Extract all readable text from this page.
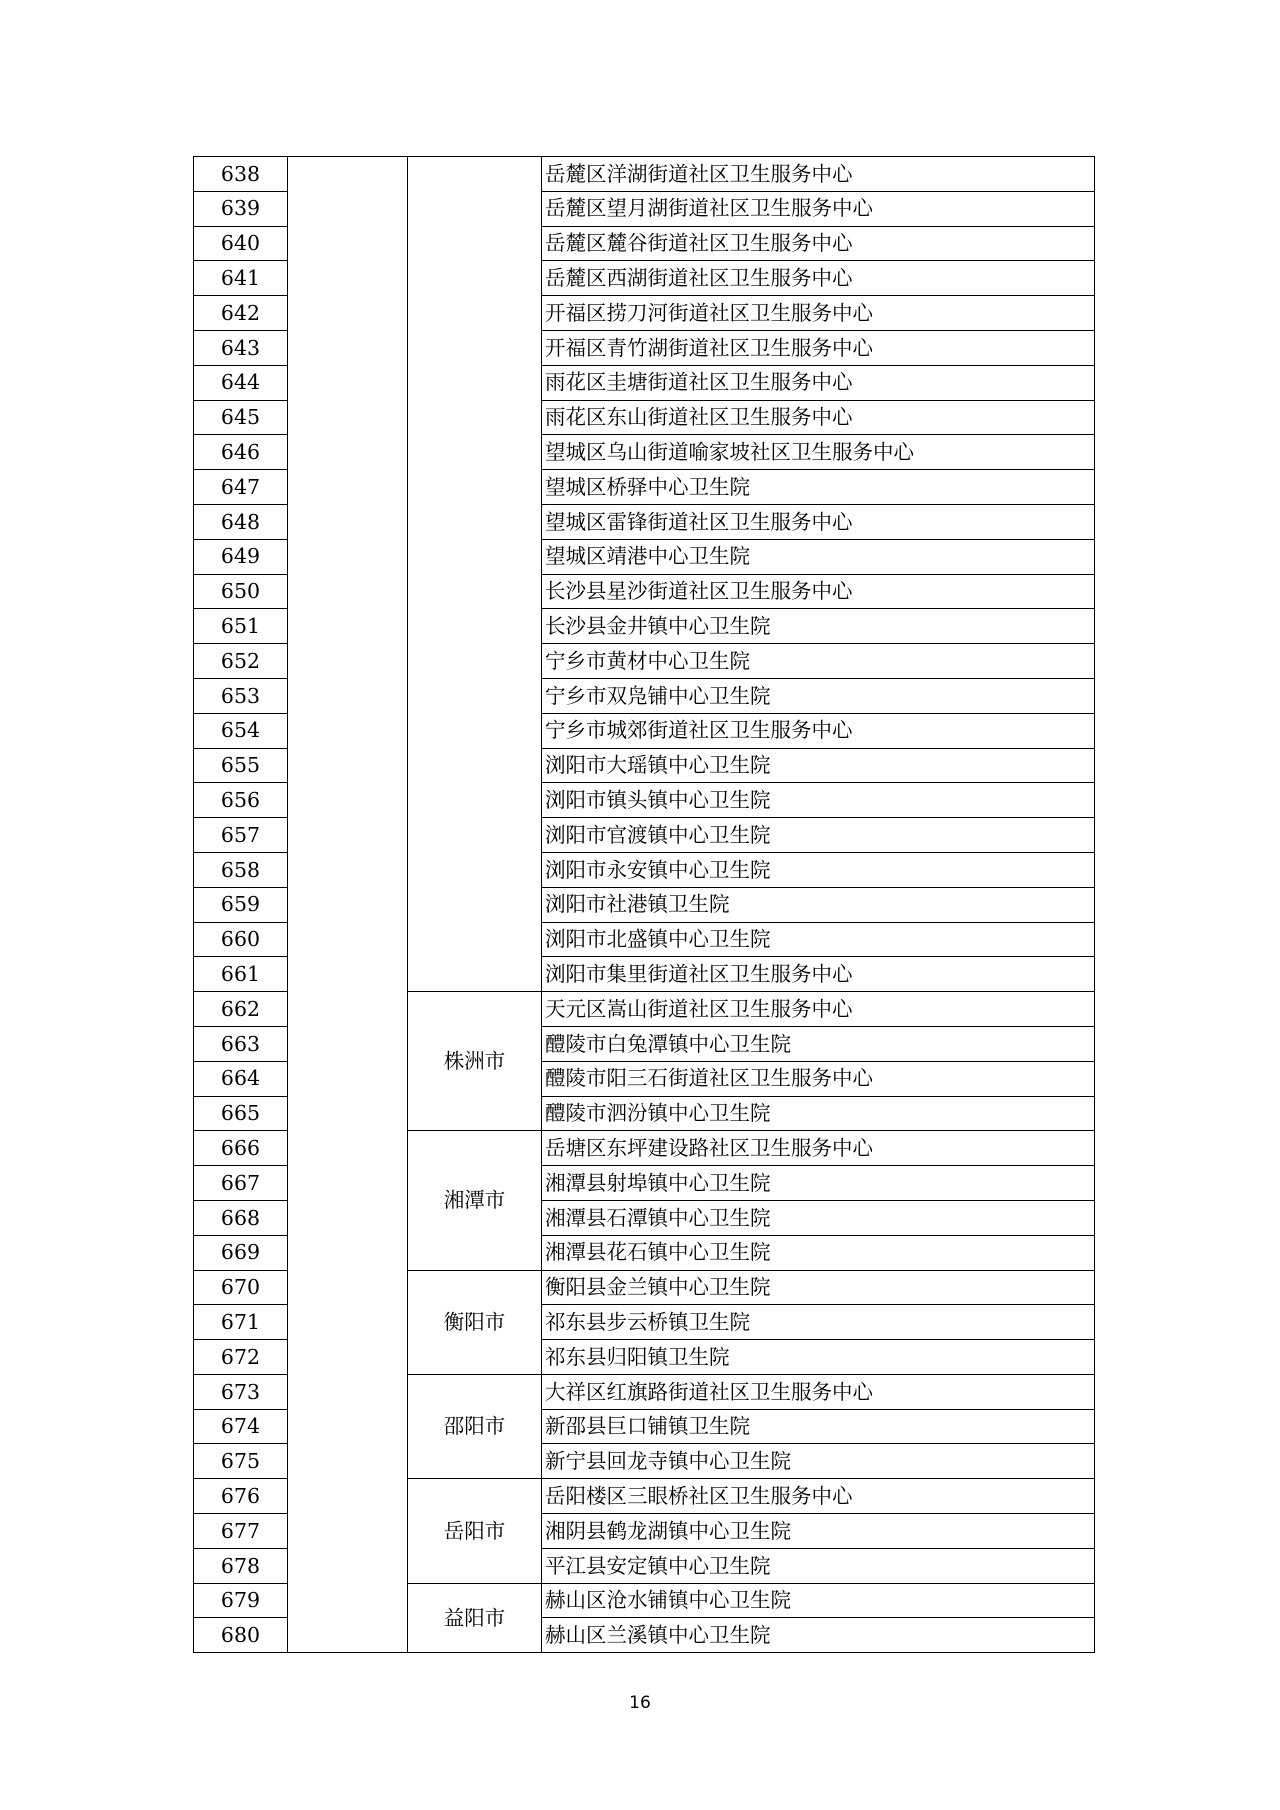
638			岳麓区洋湖街道社区卫生服务中心
639			岳麓区望月湖街道社区卫生服务中心
640			岳麓区麓谷街道社区卫生服务中心
641			岳麓区西湖街道社区卫生服务中心
642			开福区捞刀河街道社区卫生服务中心
643			开福区青竹湖街道社区卫生服务中心
644			雨花区圭塘街道社区卫生服务中心
645			雨花区东山街道社区卫生服务中心
646			望城区乌山街道喻家坡社区卫生服务中心
647			望城区桥驿中心卫生院
648			望城区雷锋街道社区卫生服务中心
649			望城区靖港中心卫生院
650			长沙县星沙街道社区卫生服务中心
651			长沙县金井镇中心卫生院
652			宁乡市黄材中心卫生院
653			宁乡市双凫铺中心卫生院
654			宁乡市城郊街道社区卫生服务中心
655			浏阳市大瑶镇中心卫生院
656			浏阳市镇头镇中心卫生院
657			浏阳市官渡镇中心卫生院
658			浏阳市永安镇中心卫生院
659			浏阳市社港镇卫生院
660			浏阳市北盛镇中心卫生院
661			浏阳市集里街道社区卫生服务中心
662		株洲市	天元区嵩山街道社区卫生服务中心
663			醴陵市白兔潭镇中心卫生院
664			醴陵市阳三石街道社区卫生服务中心
665			醴陵市泗汾镇中心卫生院
666		湘潭市	岳塘区东坪建设路社区卫生服务中心
667			湘潭县射埠镇中心卫生院
668			湘潭县石潭镇中心卫生院
669			湘潭县花石镇中心卫生院
670		衡阳市	衡阳县金兰镇中心卫生院
671			祁东县步云桥镇卫生院
672			祁东县归阳镇卫生院
673		邵阳市	大祥区红旗路街道社区卫生服务中心
674			新邵县巨口铺镇卫生院
675			新宁县回龙寺镇中心卫生院
676		岳阳市	岳阳楼区三眼桥社区卫生服务中心
677			湘阴县鹤龙湖镇中心卫生院
678			平江县安定镇中心卫生院
679		益阳市	赫山区沧水铺镇中心卫生院
680			赫山区兰溪镇中心卫生院
16
